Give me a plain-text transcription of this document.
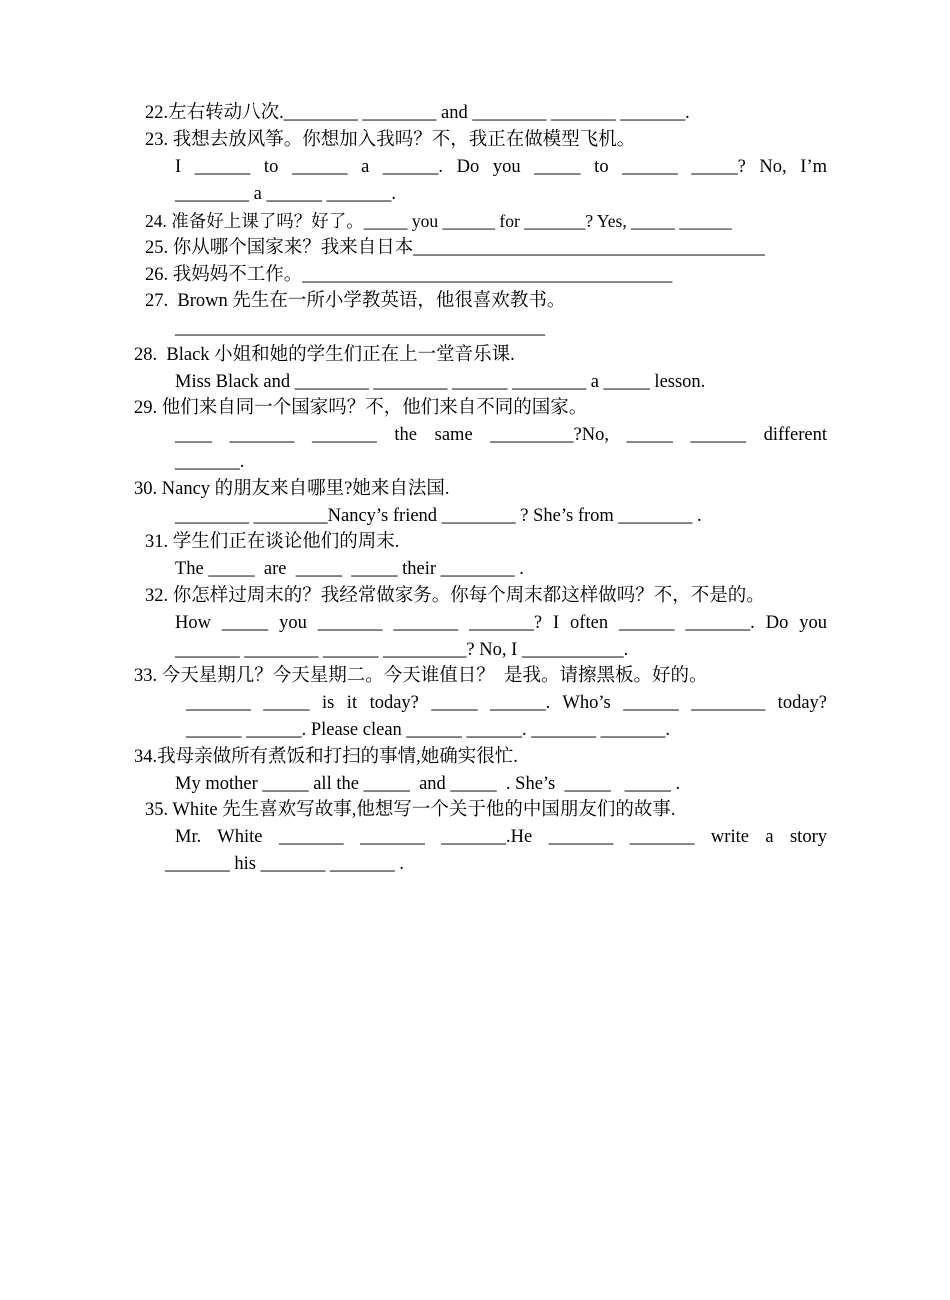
22.左右转动八次.________ ________ and ________ _______ _______.
23. 我想去放风筝。你想加入我吗？不，我正在做模型飞机。
I ______ to ______ a ______. Do you _____ to ______ _____? No, I’m
________ a ______ _______.
24. 准备好上课了吗？好了。_____ you ______ for _______? Yes, _____ ______
25. 你从哪个国家来？我来自日本______________________________________
26. 我妈妈不工作。________________________________________
27.  Brown 先生在一所小学教英语，他很喜欢教书。
________________________________________
28.  Black 小姐和她的学生们正在上一堂音乐课.
Miss Black and ________ ________ ______ ________ a _____ lesson.
29. 他们来自同一个国家吗？不，他们来自不同的国家。
____ _______ _______ the same _________?No, _____ ______ different
_______.
30. Nancy 的朋友来自哪里?她来自法国.
________ ________Nancy’s friend ________ ? She’s from ________ .
31. 学生们正在谈论他们的周末.
The _____  are  _____  _____ their ________ .
32. 你怎样过周末的？我经常做家务。你每个周末都这样做吗？不，不是的。
How _____ you _______ _______ _______? I often ______ _______. Do you
_______ ________ ______ _________? No, I ___________.
33. 今天星期几？今天星期二。今天谁值日？  是我。请擦黑板。好的。
_______ _____ is it today? _____ ______. Who’s ______ ________ today?
______ ______. Please clean ______ ______. _______ _______.
34.我母亲做所有煮饭和打扫的事情,她确实很忙.
My mother _____ all the _____  and _____  . She’s  _____   _____ .
35. White 先生喜欢写故事,他想写一个关于他的中国朋友们的故事.
Mr. White _______ _______ _______.He _______ _______ write a story
_______ his _______ _______ .
